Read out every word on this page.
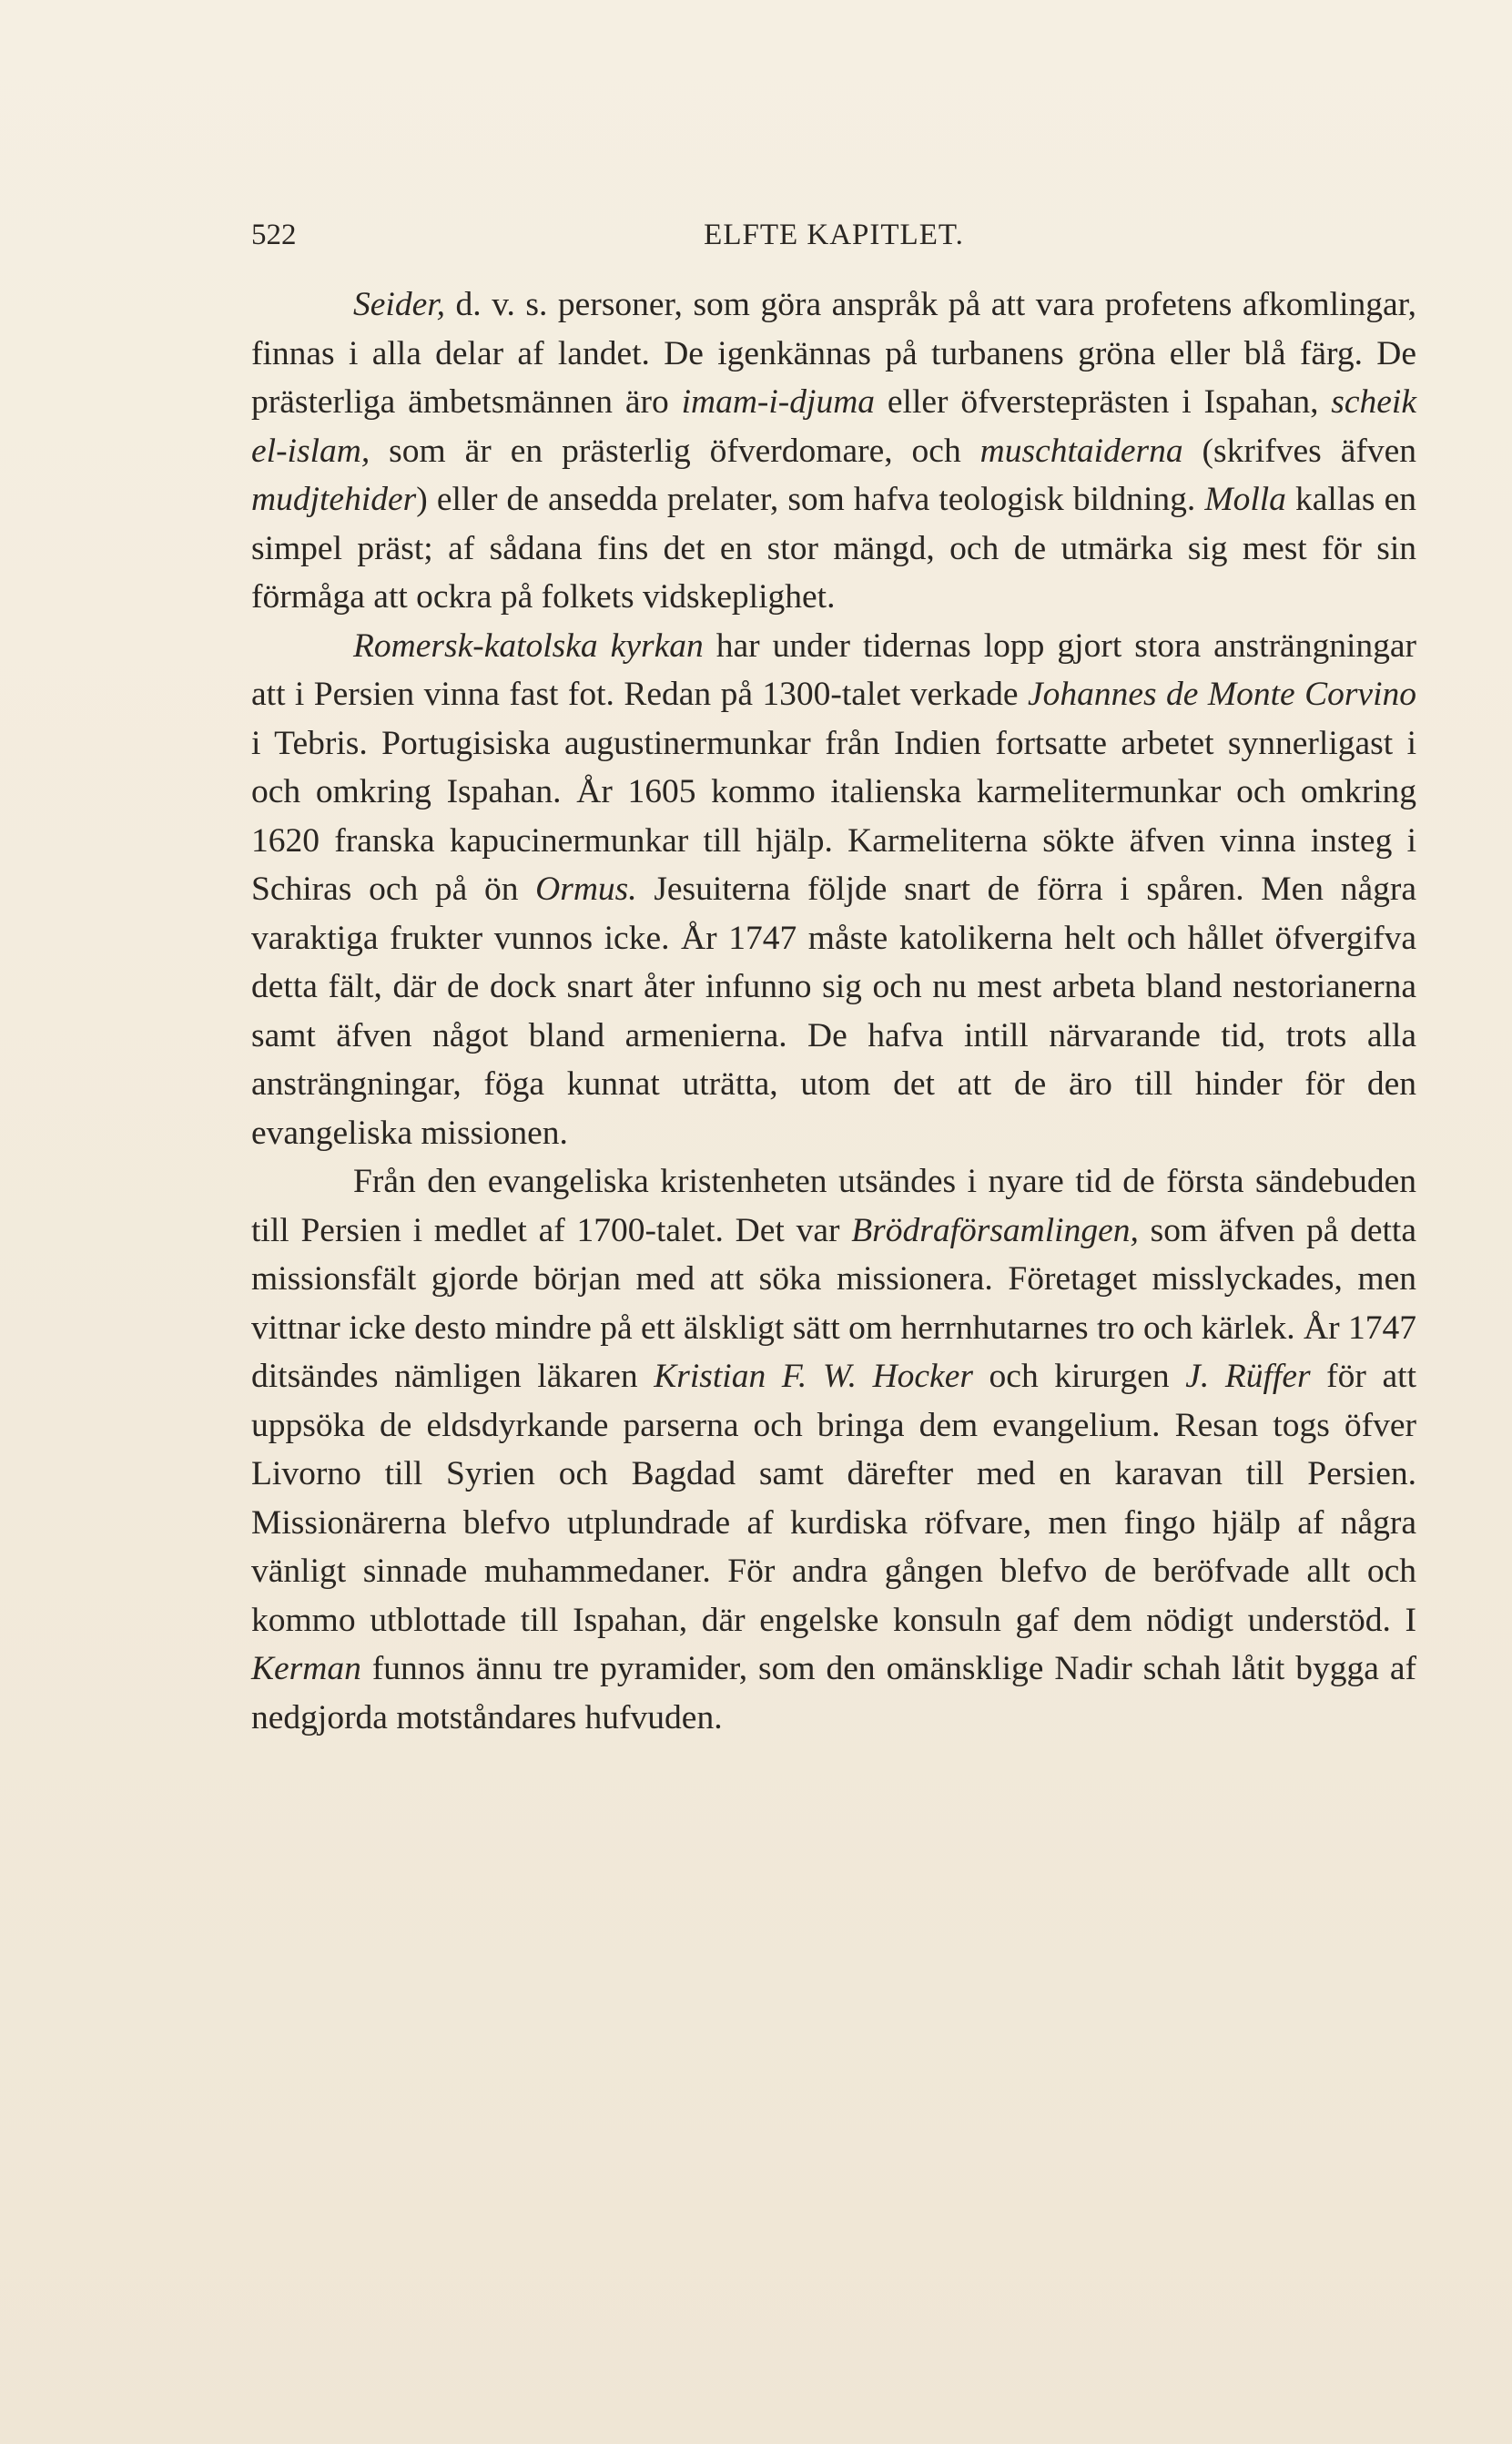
522	ELFTE KAPITLET.

Seider, d. v. s. personer, som göra anspråk på att vara profetens afkomlingar, finnas i alla delar af landet. De igenkännas på turbanens gröna eller blå färg. De prästerliga ämbetsmännen äro imam-i-djuma eller öfversteprästen i Ispahan, scheik el-islam, som är en prästerlig öfverdomare, och muschtaiderna (skrifves äfven mudjtehider) eller de ansedda prelater, som hafva teologisk bildning. Molla kallas en simpel präst; af sådana fins det en stor mängd, och de utmärka sig mest för sin förmåga att ockra på folkets vidskeplighet.

Romersk-katolska kyrkan har under tidernas lopp gjort stora ansträngningar att i Persien vinna fast fot. Redan på 1300-talet verkade Johannes de Monte Corvino i Tebris. Portugisiska augustinermunkar från Indien fortsatte arbetet synnerligast i och omkring Ispahan. År 1605 kommo italienska karmelitermunkar och omkring 1620 franska kapucinermunkar till hjälp. Karmeliterna sökte äfven vinna insteg i Schiras och på ön Ormus. Jesuiterna följde snart de förra i spåren. Men några varaktiga frukter vunnos icke. År 1747 måste katolikerna helt och hållet öfvergifva detta fält, där de dock snart åter infunno sig och nu mest arbeta bland nestorianerna samt äfven något bland armenierna. De hafva intill närvarande tid, trots alla ansträngningar, föga kunnat uträtta, utom det att de äro till hinder för den evangeliska missionen.

Från den evangeliska kristenheten utsändes i nyare tid de första sändebuden till Persien i medlet af 1700-talet. Det var Brödraförsamlingen, som äfven på detta missionsfält gjorde början med att söka missionera. Företaget misslyckades, men vittnar icke desto mindre på ett älskligt sätt om herrnhutarnes tro och kärlek. År 1747 ditsändes nämligen läkaren Kristian F. W. Hocker och kirurgen J. Rüffer för att uppsöka de eldsdyrkande parserna och bringa dem evangelium. Resan togs öfver Livorno till Syrien och Bagdad samt därefter med en karavan till Persien. Missionärerna blefvo utplundrade af kurdiska röfvare, men fingo hjälp af några vänligt sinnade muhammedaner. För andra gången blefvo de beröfvade allt och kommo utblottade till Ispahan, där engelske konsuln gaf dem nödigt understöd. I Kerman funnos ännu tre pyramider, som den omänsklige Nadir schah låtit bygga af nedgjorda motståndares hufvuden.
